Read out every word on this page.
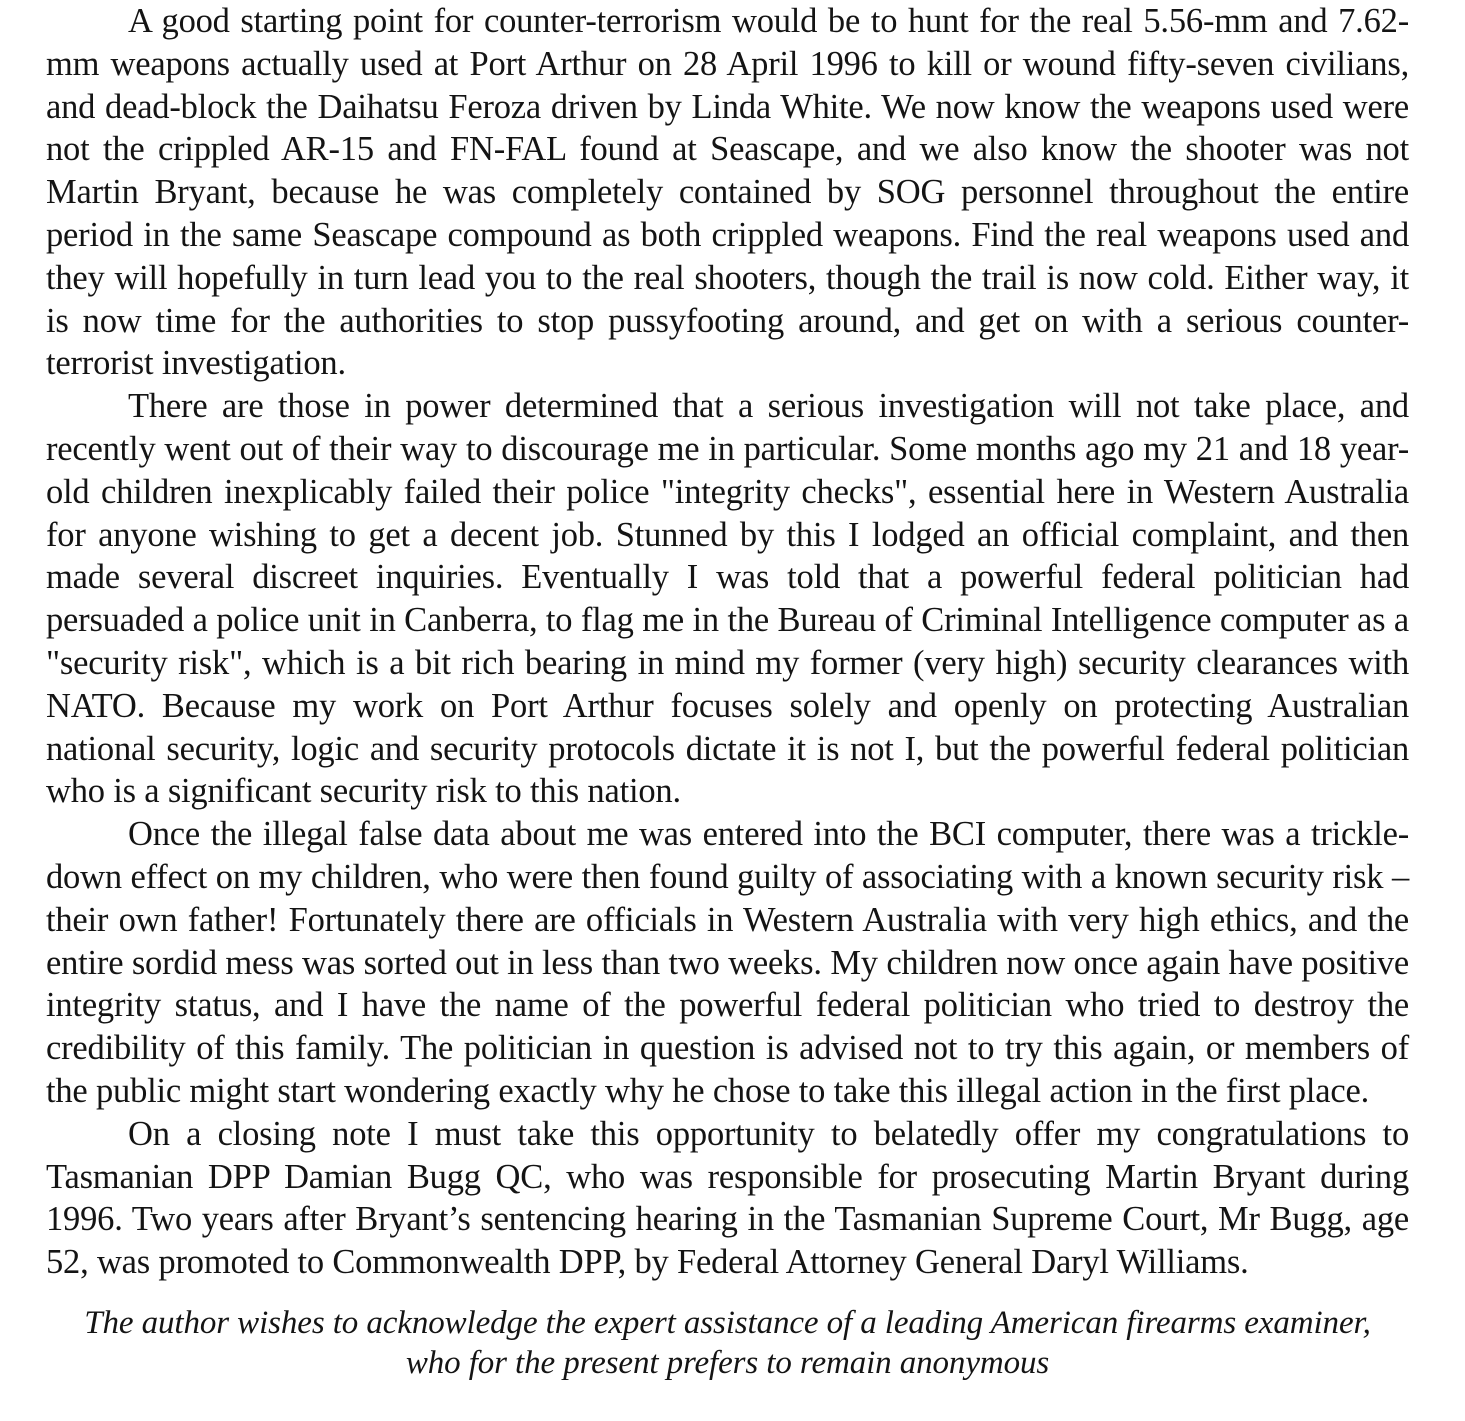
A good starting point for counter-terrorism would be to hunt for the real 5.56-mm and 7.62-mm weapons actually used at Port Arthur on 28 April 1996 to kill or wound fifty-seven civilians, and dead-block the Daihatsu Feroza driven by Linda White. We now know the weapons used were not the crippled AR-15 and FN-FAL found at Seascape, and we also know the shooter was not Martin Bryant, because he was completely contained by SOG personnel throughout the entire period in the same Seascape compound as both crippled weapons. Find the real weapons used and they will hopefully in turn lead you to the real shooters, though the trail is now cold. Either way, it is now time for the authorities to stop pussyfooting around, and get on with a serious counter-terrorist investigation.

There are those in power determined that a serious investigation will not take place, and recently went out of their way to discourage me in particular. Some months ago my 21 and 18 year-old children inexplicably failed their police "integrity checks", essential here in Western Australia for anyone wishing to get a decent job. Stunned by this I lodged an official complaint, and then made several discreet inquiries. Eventually I was told that a powerful federal politician had persuaded a police unit in Canberra, to flag me in the Bureau of Criminal Intelligence computer as a "security risk", which is a bit rich bearing in mind my former (very high) security clearances with NATO. Because my work on Port Arthur focuses solely and openly on protecting Australian national security, logic and security protocols dictate it is not I, but the powerful federal politician who is a significant security risk to this nation.

Once the illegal false data about me was entered into the BCI computer, there was a trickle-down effect on my children, who were then found guilty of associating with a known security risk – their own father! Fortunately there are officials in Western Australia with very high ethics, and the entire sordid mess was sorted out in less than two weeks. My children now once again have positive integrity status, and I have the name of the powerful federal politician who tried to destroy the credibility of this family. The politician in question is advised not to try this again, or members of the public might start wondering exactly why he chose to take this illegal action in the first place.

On a closing note I must take this opportunity to belatedly offer my congratulations to Tasmanian DPP Damian Bugg QC, who was responsible for prosecuting Martin Bryant during 1996. Two years after Bryant’s sentencing hearing in the Tasmanian Supreme Court, Mr Bugg, age 52, was promoted to Commonwealth DPP, by Federal Attorney General Daryl Williams.

The author wishes to acknowledge the expert assistance of a leading American firearms examiner,
who for the present prefers to remain anonymous
